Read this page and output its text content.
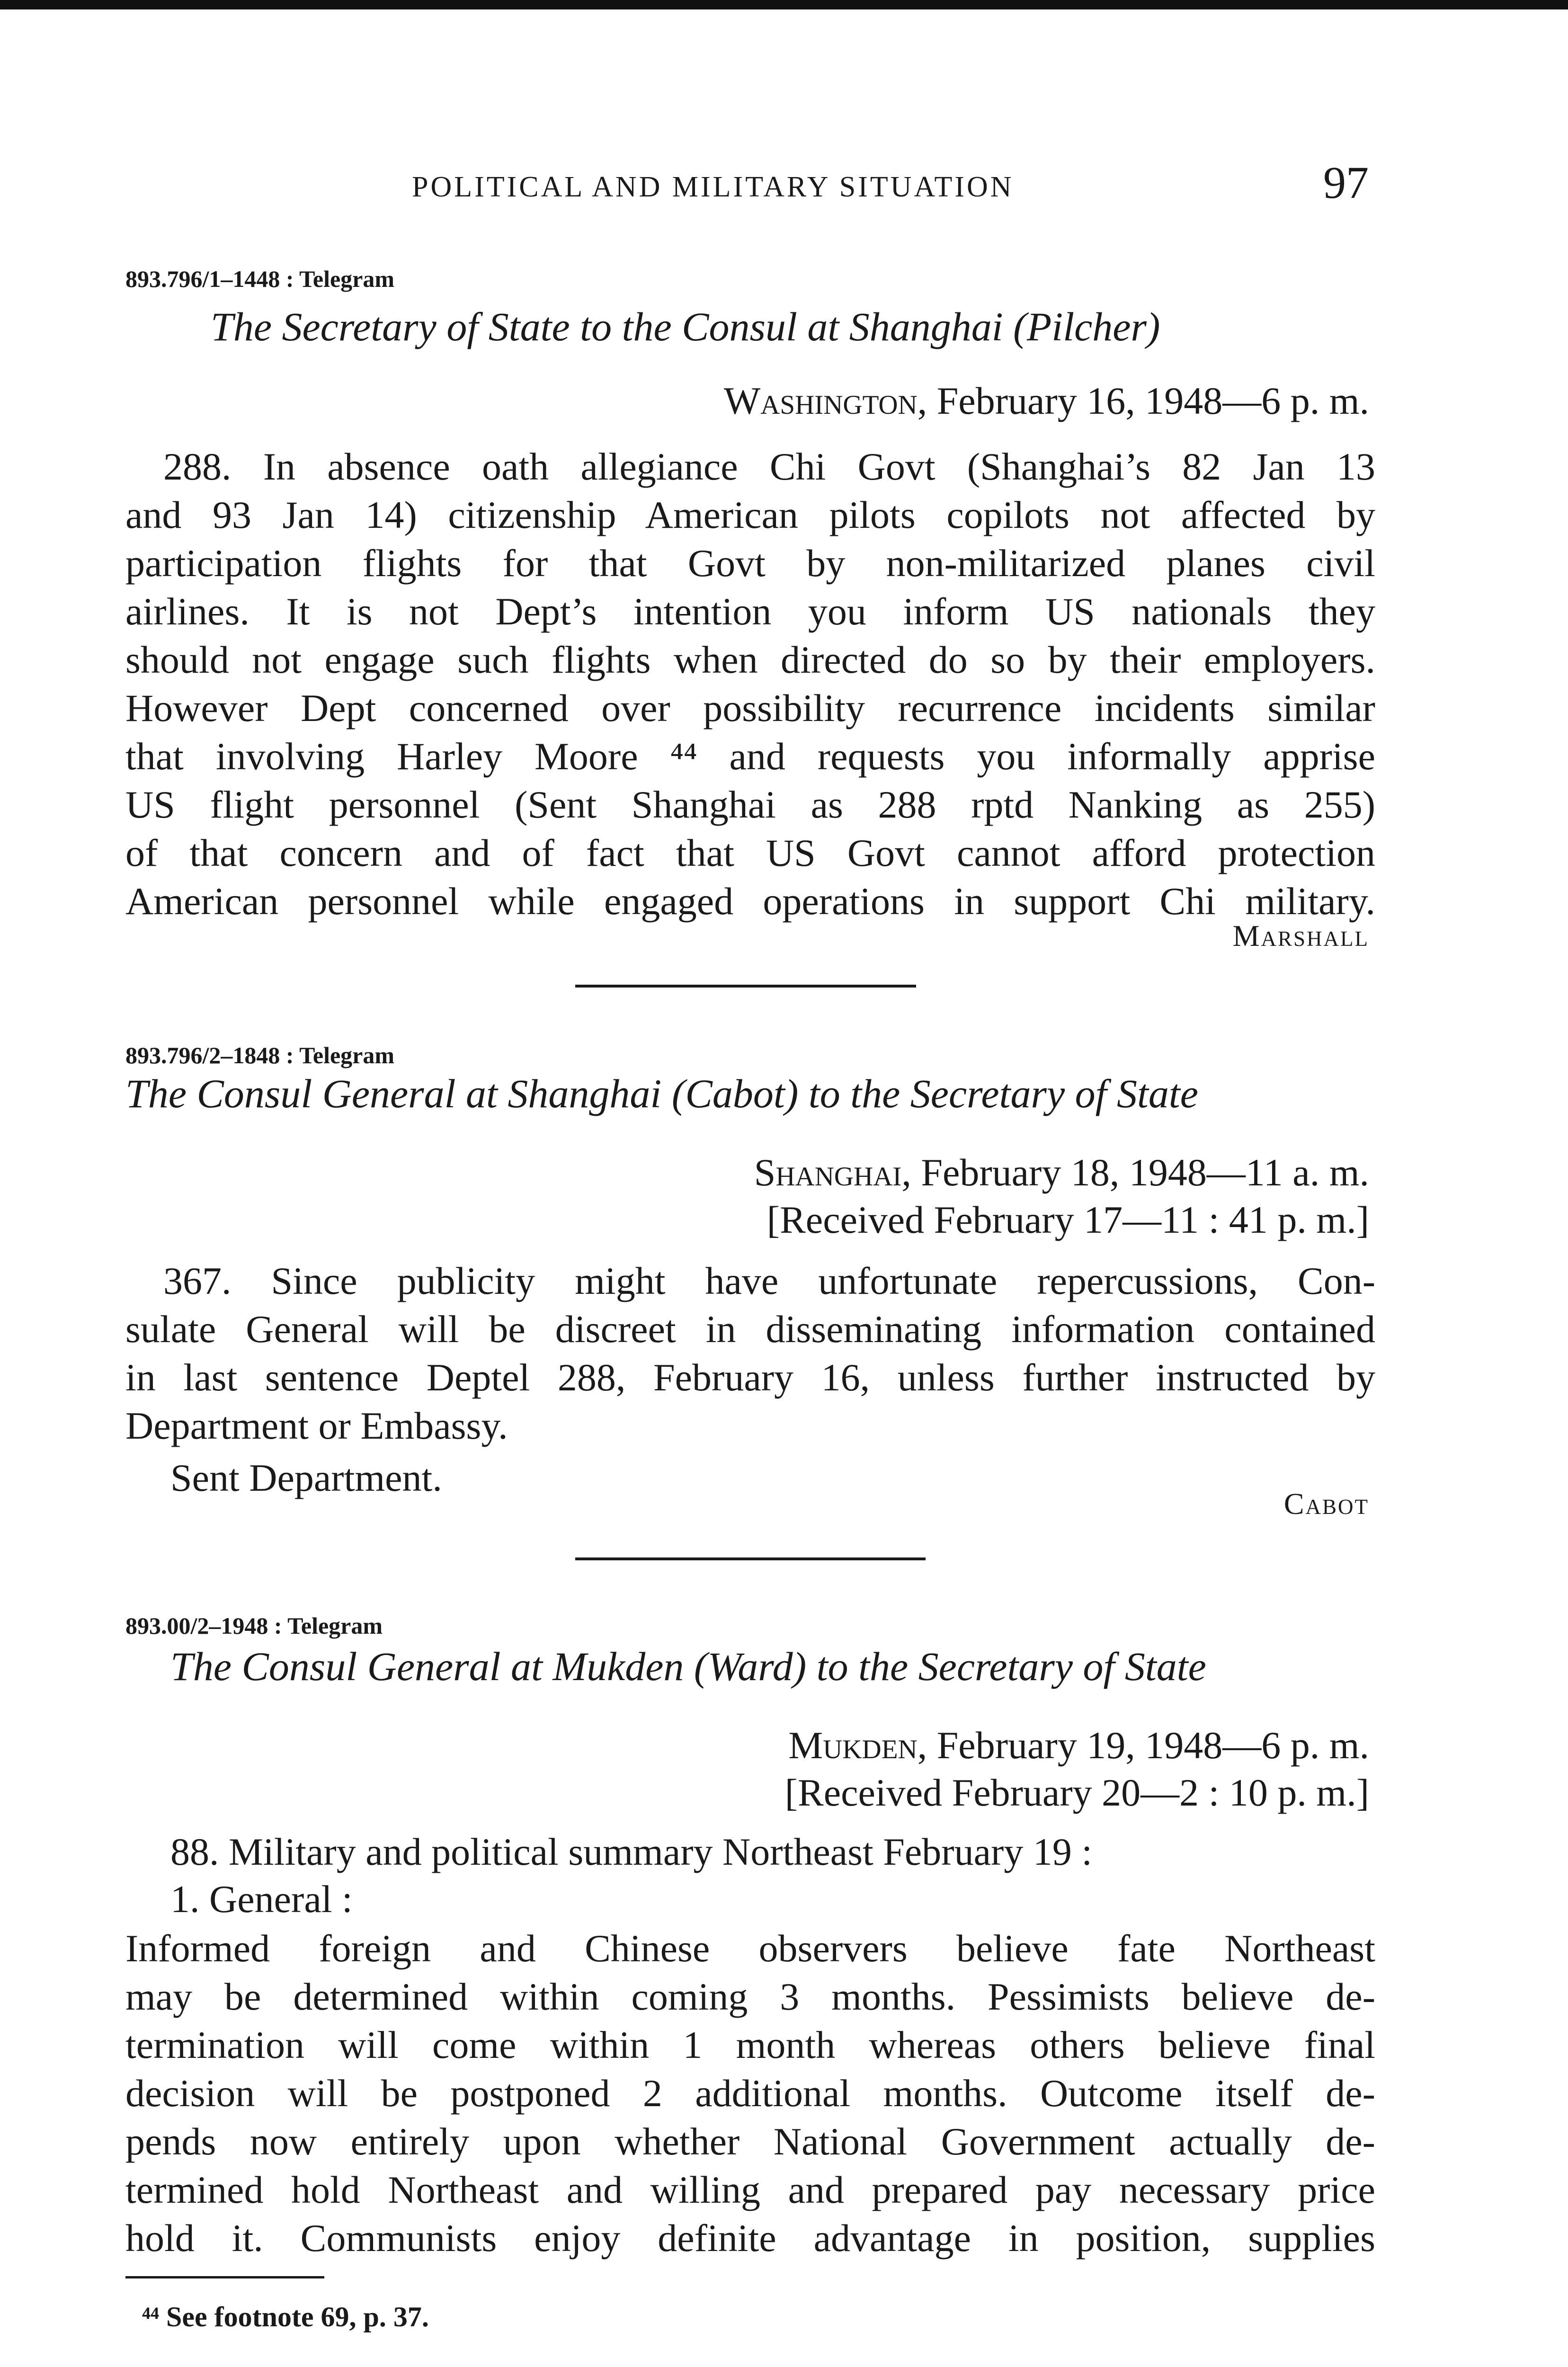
POLITICAL AND MILITARY SITUATION	97
893.796/1–1448 : Telegram
The Secretary of State to the Consul at Shanghai (Pilcher)
Washington, February 16, 1948—6 p. m.
288. In absence oath allegiance Chi Govt (Shanghai’s 82 Jan 13
and 93 Jan 14) citizenship American pilots copilots not affected by
participation flights for that Govt by non-militarized planes civil
airlines. It is not Dept’s intention you inform US nationals they
should not engage such flights when directed do so by their employers.
However Dept concerned over possibility recurrence incidents similar
that involving Harley Moore ⁴⁴ and requests you informally apprise
US flight personnel (Sent Shanghai as 288 rptd Nanking as 255)
of that concern and of fact that US Govt cannot afford protection
American personnel while engaged operations in support Chi military.
Marshall
893.796/2–1848 : Telegram
The Consul General at Shanghai (Cabot) to the Secretary of State
Shanghai, February 18, 1948—11 a. m.
[Received February 17—11 : 41 p. m.]
367. Since publicity might have unfortunate repercussions, Con-
sulate General will be discreet in disseminating information contained
in last sentence Deptel 288, February 16, unless further instructed by
Department or Embassy.
Sent Department.
Cabot
893.00/2–1948 : Telegram
The Consul General at Mukden (Ward) to the Secretary of State
Mukden, February 19, 1948—6 p. m.
[Received February 20—2 : 10 p. m.]
88. Military and political summary Northeast February 19 :
1. General :
Informed foreign and Chinese observers believe fate Northeast
may be determined within coming 3 months. Pessimists believe de-
termination will come within 1 month whereas others believe final
decision will be postponed 2 additional months. Outcome itself de-
pends now entirely upon whether National Government actually de-
termined hold Northeast and willing and prepared pay necessary price
hold it. Communists enjoy definite advantage in position, supplies
⁴⁴ See footnote 69, p. 37.
